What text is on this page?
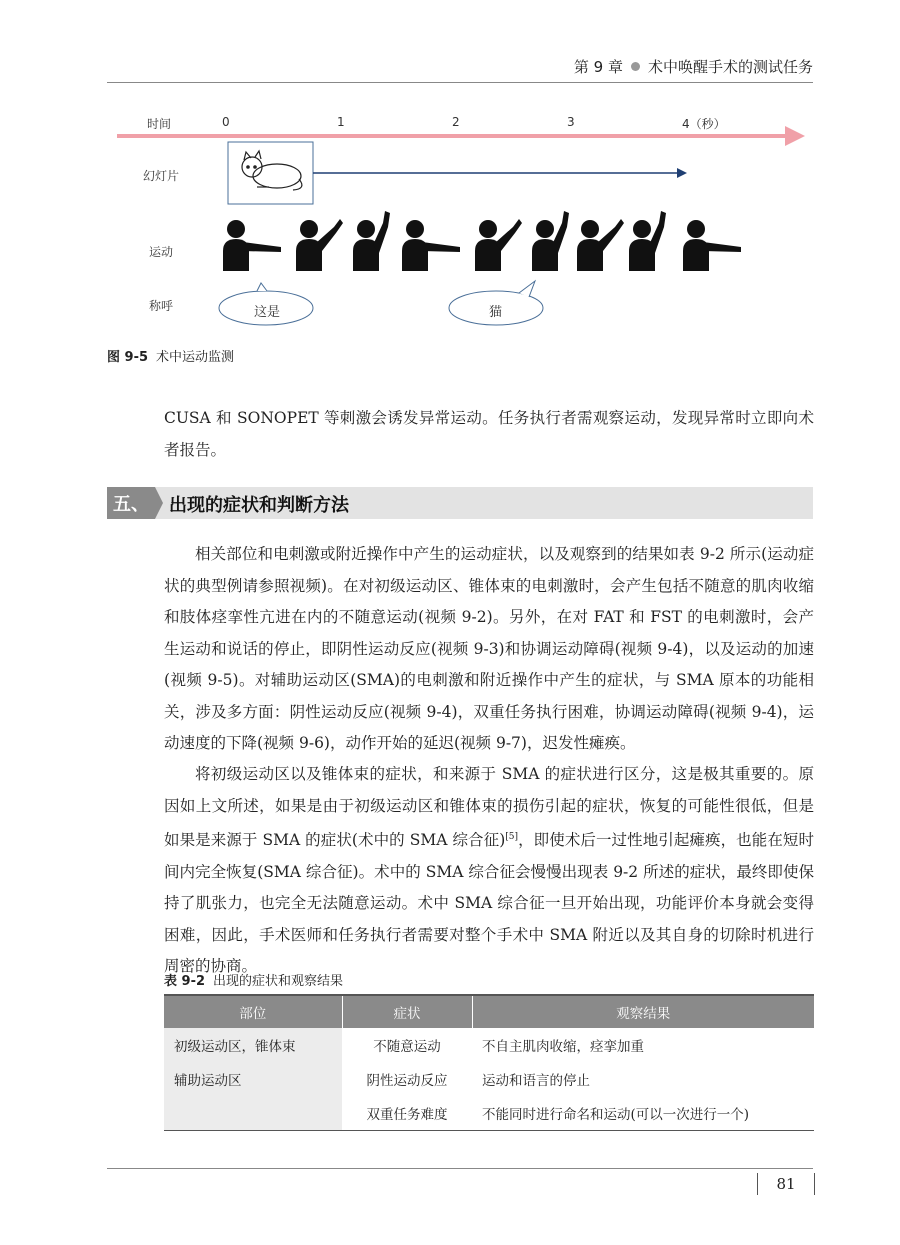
第 9 章 术中唤醒手术的测试任务
时间
幻灯片
运动
称呼
0	1	2	3	4（秒）
这是	猫
图 9-5 术中运动监测
CUSA 和 SONOPET 等刺激会诱发异常运动。任务执行者需观察运动，发现异常时立即向术者报告。
五、	出现的症状和判断方法
相关部位和电刺激或附近操作中产生的运动症状，以及观察到的结果如表 9-2 所示(运动症状的典型例请参照视频)。在对初级运动区、锥体束的电刺激时，会产生包括不随意的肌肉收缩和肢体痉挛性亢进在内的不随意运动(视频 9-2)。另外，在对 FAT 和 FST 的电刺激时，会产生运动和说话的停止，即阴性运动反应(视频 9-3)和协调运动障碍(视频 9-4)，以及运动的加速(视频 9-5)。对辅助运动区(SMA)的电刺激和附近操作中产生的症状，与 SMA 原本的功能相关，涉及多方面：阴性运动反应(视频 9-4)，双重任务执行困难，协调运动障碍(视频 9-4)，运动速度的下降(视频 9-6)，动作开始的延迟(视频 9-7)，迟发性瘫痪。
将初级运动区以及锥体束的症状，和来源于 SMA 的症状进行区分，这是极其重要的。原因如上文所述，如果是由于初级运动区和锥体束的损伤引起的症状，恢复的可能性很低，但是如果是来源于 SMA 的症状(术中的 SMA 综合征)[5]，即使术后一过性地引起瘫痪，也能在短时间内完全恢复(SMA 综合征)。术中的 SMA 综合征会慢慢出现表 9-2 所述的症状，最终即使保持了肌张力，也完全无法随意运动。术中 SMA 综合征一旦开始出现，功能评价本身就会变得困难，因此，手术医师和任务执行者需要对整个手术中 SMA 附近以及其自身的切除时机进行周密的协商。
表 9-2 出现的症状和观察结果
部位	症状	观察结果
初级运动区，锥体束	不随意运动	不自主肌肉收缩，痉挛加重
辅助运动区	阴性运动反应	运动和语言的停止
	双重任务难度	不能同时进行命名和运动(可以一次进行一个)
81
